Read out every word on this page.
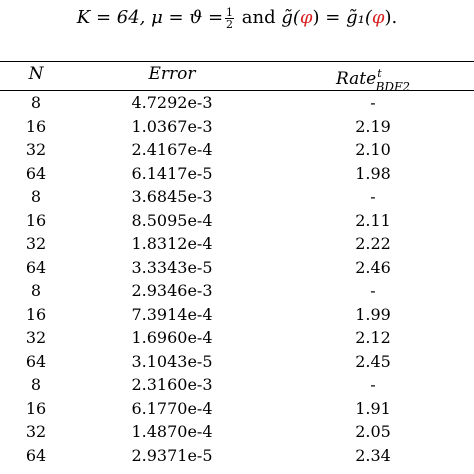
K = 64, $\mu = ϑ = \frac{1}{2}$ and g̃(φ) = g̃₁(φ).
N	Error	Rate$^t_{BDF2}$
8	4.7292e-3	-
16	1.0367e-3	2.19
32	2.4167e-4	2.10
64	6.1417e-5	1.98
8	3.6845e-3	-
16	8.5095e-4	2.11
32	1.8312e-4	2.22
64	3.3343e-5	2.46
8	2.9346e-3	-
16	7.3914e-4	1.99
32	1.6960e-4	2.12
64	3.1043e-5	2.45
8	2.3160e-3	-
16	6.1770e-4	1.91
32	1.4870e-4	2.05
64	2.9371e-5	2.34
